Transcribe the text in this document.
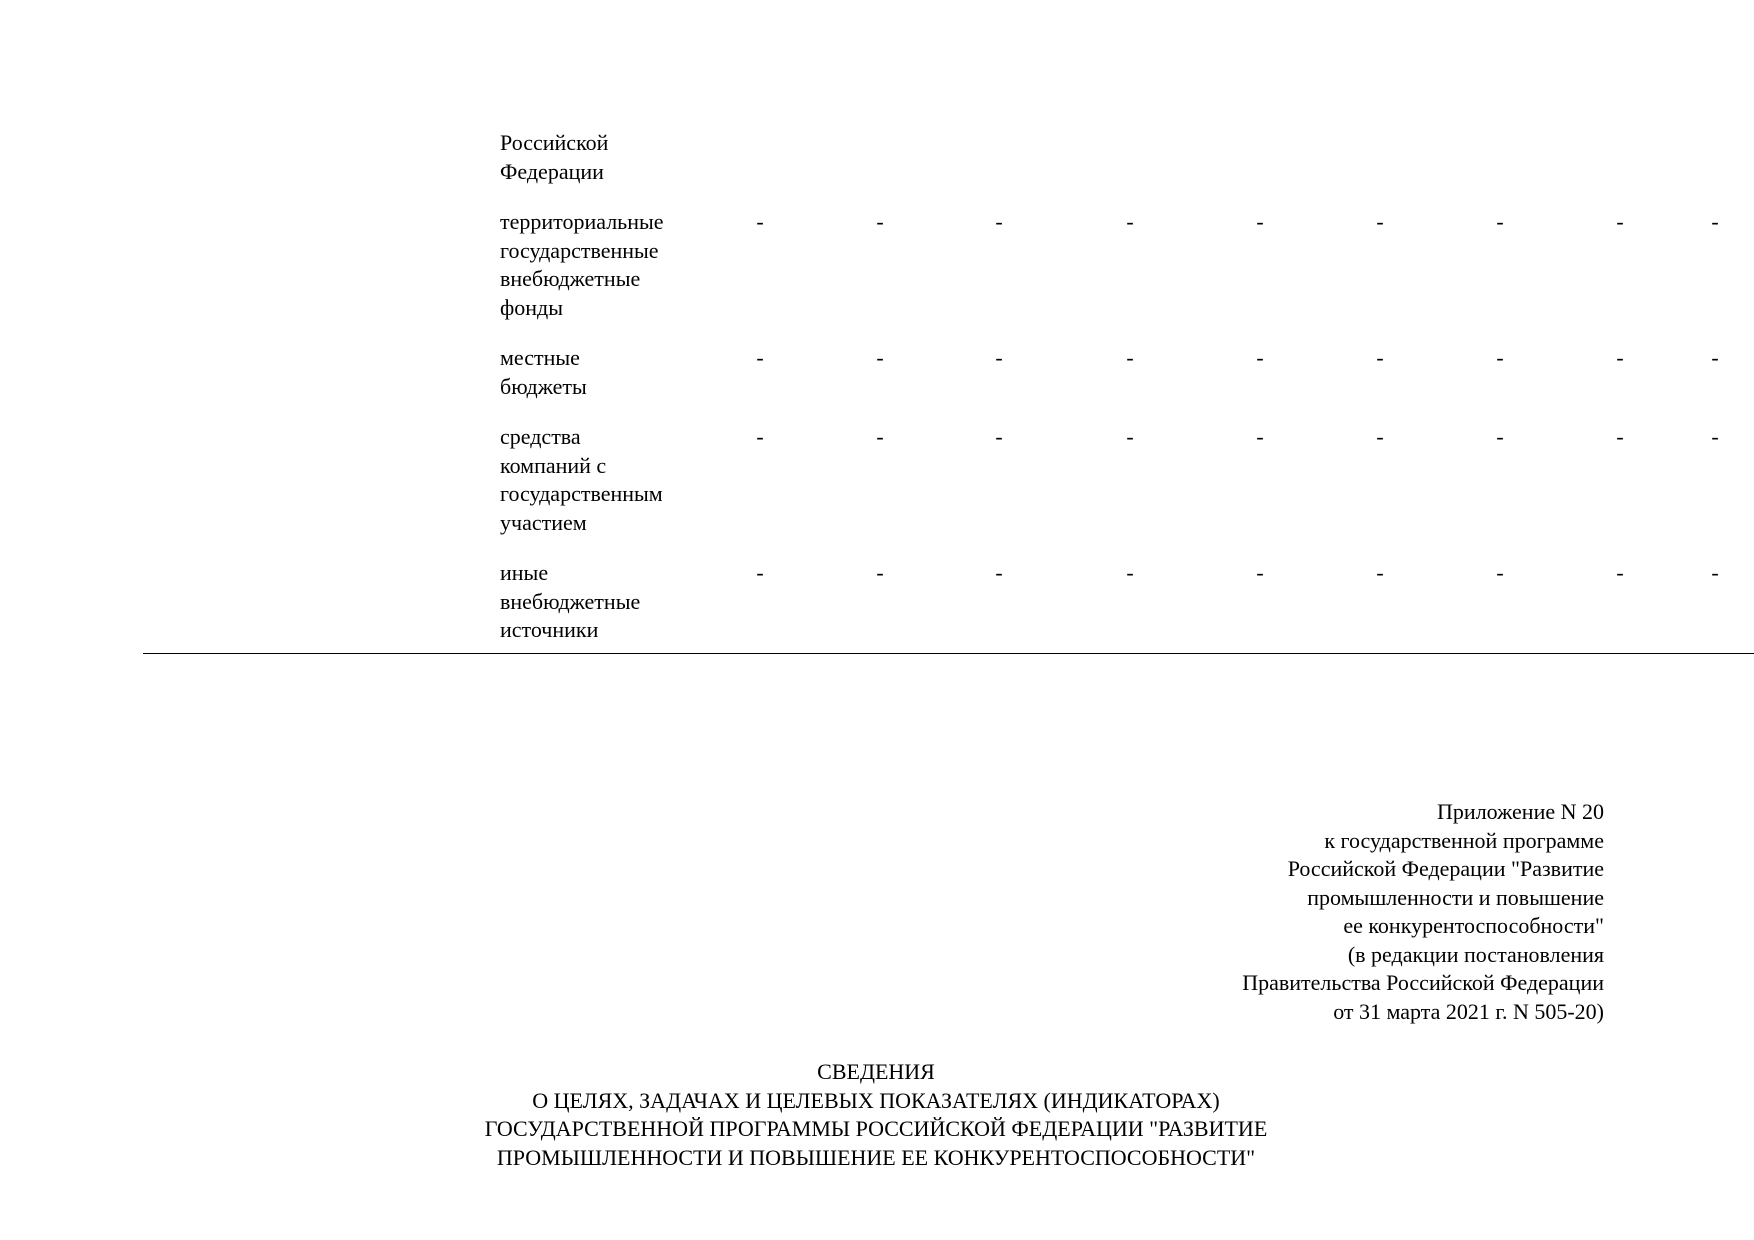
Российской
Федерации
территориальные
государственные
внебюджетные
фонды
-	-	-	-	-	-	-	-	-
местные
бюджеты
-	-	-	-	-	-	-	-	-
средства
компаний с
государственным
участием
-	-	-	-	-	-	-	-	-
иные
внебюджетные
источники
-	-	-	-	-	-	-	-	-
Приложение N 20
к государственной программе
Российской Федерации "Развитие
промышленности и повышение
ее конкурентоспособности"
(в редакции постановления
Правительства Российской Федерации
от 31 марта 2021 г. N 505-20)
СВЕДЕНИЯ
О ЦЕЛЯХ, ЗАДАЧАХ И ЦЕЛЕВЫХ ПОКАЗАТЕЛЯХ (ИНДИКАТОРАХ)
ГОСУДАРСТВЕННОЙ ПРОГРАММЫ РОССИЙСКОЙ ФЕДЕРАЦИИ "РАЗВИТИЕ
ПРОМЫШЛЕННОСТИ И ПОВЫШЕНИЕ ЕЕ КОНКУРЕНТОСПОСОБНОСТИ"
